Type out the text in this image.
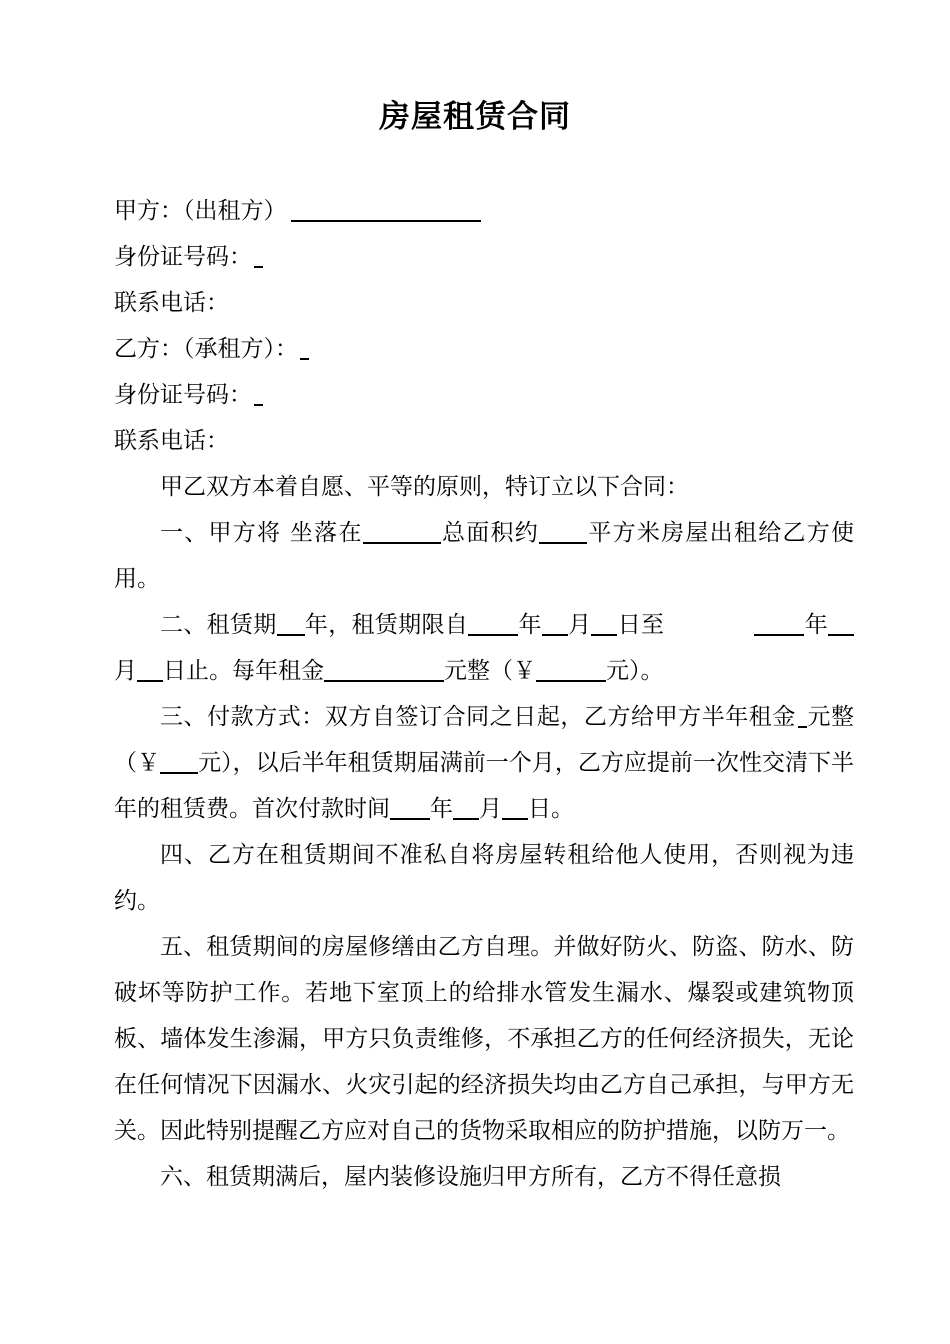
房屋租赁合同

甲方：（出租方）

身份证号码：

联系电话：

乙方：（承租方）：

身份证号码：

联系电话：

甲乙双方本着自愿、平等的原则，特订立以下合同：

一、甲方将 坐落在	总面积约 平方米房屋出租给乙方使用。

二、租赁期 年，租赁期限自 年 月 日至	年月 日止。每年租金	元整（￥	元）。

三、付款方式：双方自签订合同之日起，乙方给甲方半年租金 元整（￥ 元），以后半年租赁期届满前一个月，乙方应提前一次性交清下半年的租赁费。首次付款时间 年 月 日。

四、乙方在租赁期间不准私自将房屋转租给他人使用，否则视为违约。

五、租赁期间的房屋修缮由乙方自理。并做好防火、防盗、防水、防破坏等防护工作。若地下室顶上的给排水管发生漏水、爆裂或建筑物顶板、墙体发生渗漏，甲方只负责维修，不承担乙方的任何经济损失，无论在任何情况下因漏水、火灾引起的经济损失均由乙方自己承担，与甲方无关。因此特别提醒乙方应对自己的货物采取相应的防护措施，以防万一。

六、租赁期满后，屋内装修设施归甲方所有，乙方不得任意损
